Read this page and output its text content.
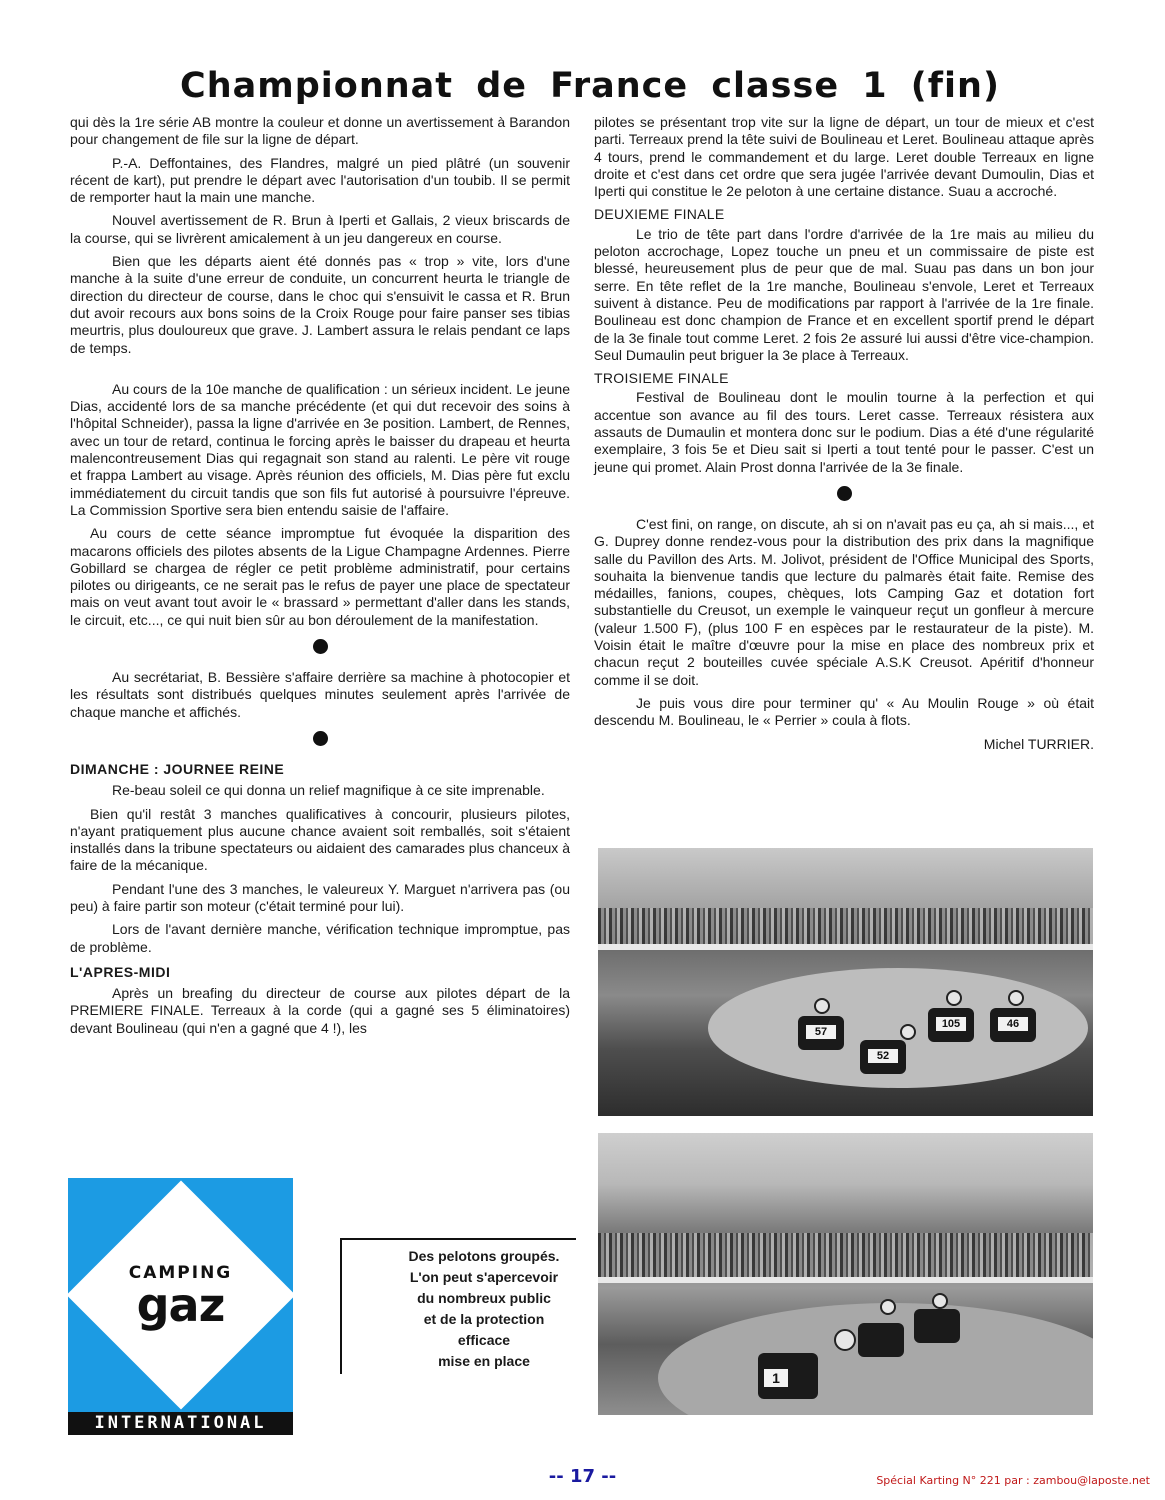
Championnat de France classe 1 (fin)

qui dès la 1re série AB montre la couleur et donne un avertissement à Barandon pour changement de file sur la ligne de départ.

P.-A. Deffontaines, des Flandres, malgré un pied plâtré (un souvenir récent de kart), put prendre le départ avec l'autorisation d'un toubib. Il se permit de remporter haut la main une manche.

Nouvel avertissement de R. Brun à Iperti et Gallais, 2 vieux briscards de la course, qui se livrèrent amicalement à un jeu dangereux en course.

Bien que les départs aient été donnés pas « trop » vite, lors d'une manche à la suite d'une erreur de conduite, un concurrent heurta le triangle de direction du directeur de course, dans le choc qui s'ensuivit le cassa et R. Brun dut avoir recours aux bons soins de la Croix Rouge pour faire panser ses tibias meurtris, plus douloureux que grave. J. Lambert assura le relais pendant ce laps de temps.

Au cours de la 10e manche de qualification : un sérieux incident. Le jeune Dias, accidenté lors de sa manche précédente (et qui dut recevoir des soins à l'hôpital Schneider), passa la ligne d'arrivée en 3e position. Lambert, de Rennes, avec un tour de retard, continua le forcing après le baisser du drapeau et heurta malencontreusement Dias qui regagnait son stand au ralenti. Le père vit rouge et frappa Lambert au visage. Après réunion des officiels, M. Dias père fut exclu immédiatement du circuit tandis que son fils fut autorisé à poursuivre l'épreuve. La Commission Sportive sera bien entendu saisie de l'affaire.

Au cours de cette séance impromptue fut évoquée la disparition des macarons officiels des pilotes absents de la Ligue Champagne Ardennes. Pierre Gobillard se chargea de régler ce petit problème administratif, pour certains pilotes ou dirigeants, ce ne serait pas le refus de payer une place de spectateur mais on veut avant tout avoir le « brassard » permettant d'aller dans les stands, le circuit, etc..., ce qui nuit bien sûr au bon déroulement de la manifestation.

Au secrétariat, B. Bessière s'affaire derrière sa machine à photocopier et les résultats sont distribués quelques minutes seulement après l'arrivée de chaque manche et affichés.

DIMANCHE : JOURNEE REINE

Re-beau soleil ce qui donna un relief magnifique à ce site imprenable.

Bien qu'il restât 3 manches qualificatives à concourir, plusieurs pilotes, n'ayant pratiquement plus aucune chance avaient soit remballés, soit s'étaient installés dans la tribune spectateurs ou aidaient des camarades plus chanceux à faire de la mécanique.

Pendant l'une des 3 manches, le valeureux Y. Marguet n'arrivera pas (ou peu) à faire partir son moteur (c'était terminé pour lui).

Lors de l'avant dernière manche, vérification technique impromptue, pas de problème.

L'APRES-MIDI

Après un breafing du directeur de course aux pilotes départ de la PREMIERE FINALE. Terreaux à la corde (qui a gagné ses 5 éliminatoires) devant Boulineau (qui n'en a gagné que 4 !), les

pilotes se présentant trop vite sur la ligne de départ, un tour de mieux et c'est parti. Terreaux prend la tête suivi de Boulineau et Leret. Boulineau attaque après 4 tours, prend le commandement et du large. Leret double Terreaux en ligne droite et c'est dans cet ordre que sera jugée l'arrivée devant Dumoulin, Dias et Iperti qui constitue le 2e peloton à une certaine distance. Suau a accroché.

DEUXIEME FINALE

Le trio de tête part dans l'ordre d'arrivée de la 1re mais au milieu du peloton accrochage, Lopez touche un pneu et un commissaire de piste est blessé, heureusement plus de peur que de mal. Suau pas dans un bon jour serre. En tête reflet de la 1re manche, Boulineau s'envole, Leret et Terreaux suivent à distance. Peu de modifications par rapport à l'arrivée de la 1re finale. Boulineau est donc champion de France et en excellent sportif prend le départ de la 3e finale tout comme Leret. 2 fois 2e assuré lui aussi d'être vice-champion. Seul Dumaulin peut briguer la 3e place à Terreaux.

TROISIEME FINALE

Festival de Boulineau dont le moulin tourne à la perfection et qui accentue son avance au fil des tours. Leret casse. Terreaux résistera aux assauts de Dumaulin et montera donc sur le podium. Dias a été d'une régularité exemplaire, 3 fois 5e et Dieu sait si Iperti a tout tenté pour le passer. C'est un jeune qui promet. Alain Prost donna l'arrivée de la 3e finale.

C'est fini, on range, on discute, ah si on n'avait pas eu ça, ah si mais..., et G. Duprey donne rendez-vous pour la distribution des prix dans la magnifique salle du Pavillon des Arts. M. Jolivot, président de l'Office Municipal des Sports, souhaita la bienvenue tandis que lecture du palmarès était faite. Remise des médailles, fanions, coupes, chèques, lots Camping Gaz et dotation fort substantielle du Creusot, un exemple le vainqueur reçut un gonfleur à mercure (valeur 1.500 F), (plus 100 F en espèces par le restaurateur de la piste). M. Voisin était le maître d'œuvre pour la mise en place des nombreux prix et chacun reçut 2 bouteilles cuvée spéciale A.S.K Creusot. Apéritif d'honneur comme il se doit.

Je puis vous dire pour terminer qu' « Au Moulin Rouge » où était descendu M. Boulineau, le « Perrier » coula à flots.

Michel TURRIER.

57
52
105	46
1
CAMPING
gaz
INTERNATIONAL
Des pelotons groupés.
L'on peut s'apercevoir
du nombreux public
et de la protection
efficace
mise en place
-- 17 --	Spécial Karting N° 221 par : zambou@laposte.net
